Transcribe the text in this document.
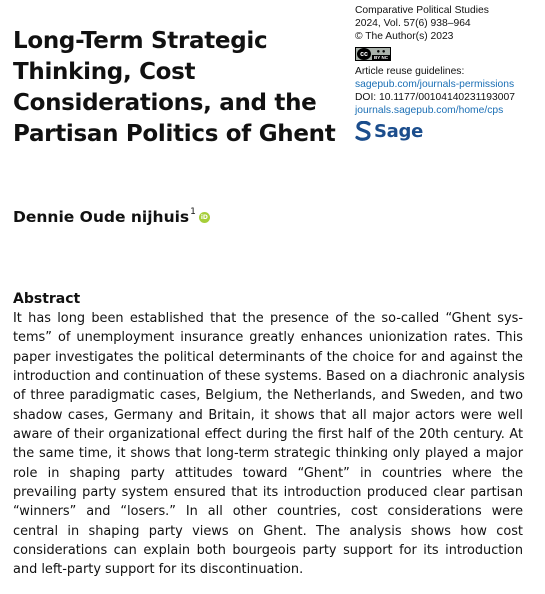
Long-Term Strategic
Thinking, Cost
Considerations, and the
Partisan Politics of Ghent
Comparative Political Studies
2024, Vol. 57(6) 938–964
© The Author(s) 2023
cc	● ●
BY NC
Article reuse guidelines:
sagepub.com/journals-permissions
DOI: 10.1177/00104140231193007
journals.sagepub.com/home/cps
Sage
Dennie Oude nijhuis$^1$
iD
Abstract
It has long been established that the presence of the so-called “Ghent sys-
tems” of unemployment insurance greatly enhances unionization rates. This
paper investigates the political determinants of the choice for and against the
introduction and continuation of these systems. Based on a diachronic analysis
of three paradigmatic cases, Belgium, the Netherlands, and Sweden, and two
shadow cases, Germany and Britain, it shows that all major actors were well
aware of their organizational effect during the first half of the 20th century. At
the same time, it shows that long-term strategic thinking only played a major
role in shaping party attitudes toward “Ghent” in countries where the
prevailing party system ensured that its introduction produced clear partisan
“winners” and “losers.” In all other countries, cost considerations were
central in shaping party views on Ghent. The analysis shows how cost
considerations can explain both bourgeois party support for its introduction
and left-party support for its discontinuation.
